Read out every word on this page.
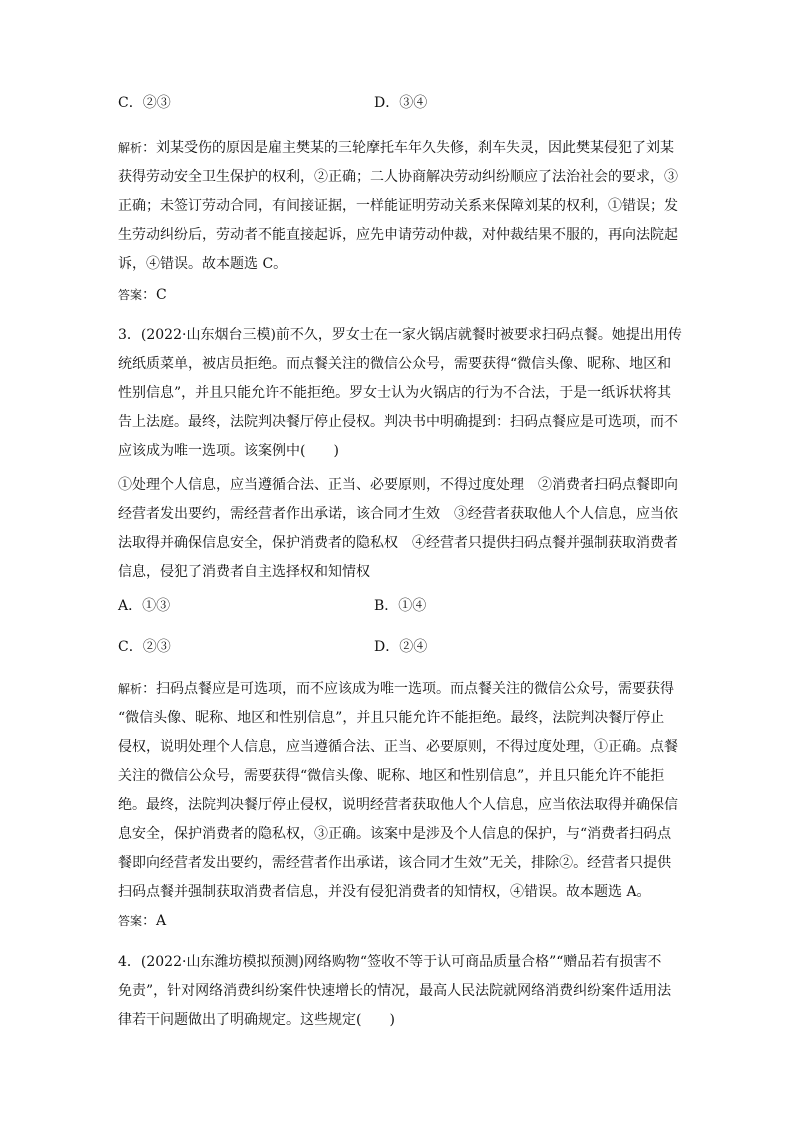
C．②③	D．③④
解析：刘某受伤的原因是雇主樊某的三轮摩托车年久失修，刹车失灵，因此樊某侵犯了刘某
获得劳动安全卫生保护的权利，②正确；二人协商解决劳动纠纷顺应了法治社会的要求，③
正确；未签订劳动合同，有间接证据，一样能证明劳动关系来保障刘某的权利，①错误；发
生劳动纠纷后，劳动者不能直接起诉，应先申请劳动仲裁，对仲裁结果不服的，再向法院起
诉，④错误。故本题选 C。
答案：C
3．(2022·山东烟台三模)前不久，罗女士在一家火锅店就餐时被要求扫码点餐。她提出用传
统纸质菜单，被店员拒绝。而点餐关注的微信公众号，需要获得“微信头像、昵称、地区和
性别信息”，并且只能允许不能拒绝。罗女士认为火锅店的行为不合法，于是一纸诉状将其
告上法庭。最终，法院判决餐厅停止侵权。判决书中明确提到：扫码点餐应是可选项，而不
应该成为唯一选项。该案例中(　　)
①处理个人信息，应当遵循合法、正当、必要原则，不得过度处理　②消费者扫码点餐即向
经营者发出要约，需经营者作出承诺，该合同才生效　③经营者获取他人个人信息，应当依
法取得并确保信息安全，保护消费者的隐私权　④经营者只提供扫码点餐并强制获取消费者
信息，侵犯了消费者自主选择权和知情权
A．①③	B．①④
C．②③	D．②④
解析：扫码点餐应是可选项，而不应该成为唯一选项。而点餐关注的微信公众号，需要获得
“微信头像、昵称、地区和性别信息”，并且只能允许不能拒绝。最终，法院判决餐厅停止
侵权，说明处理个人信息，应当遵循合法、正当、必要原则，不得过度处理，①正确。点餐
关注的微信公众号，需要获得“微信头像、昵称、地区和性别信息”，并且只能允许不能拒
绝。最终，法院判决餐厅停止侵权，说明经营者获取他人个人信息，应当依法取得并确保信
息安全，保护消费者的隐私权，③正确。该案中是涉及个人信息的保护，与“消费者扫码点
餐即向经营者发出要约，需经营者作出承诺，该合同才生效”无关，排除②。经营者只提供
扫码点餐并强制获取消费者信息，并没有侵犯消费者的知情权，④错误。故本题选 A。
答案：A
4．(2022·山东潍坊模拟预测)网络购物“签收不等于认可商品质量合格”“赠品若有损害不
免责”，针对网络消费纠纷案件快速增长的情况，最高人民法院就网络消费纠纷案件适用法
律若干问题做出了明确规定。这些规定(　　)
